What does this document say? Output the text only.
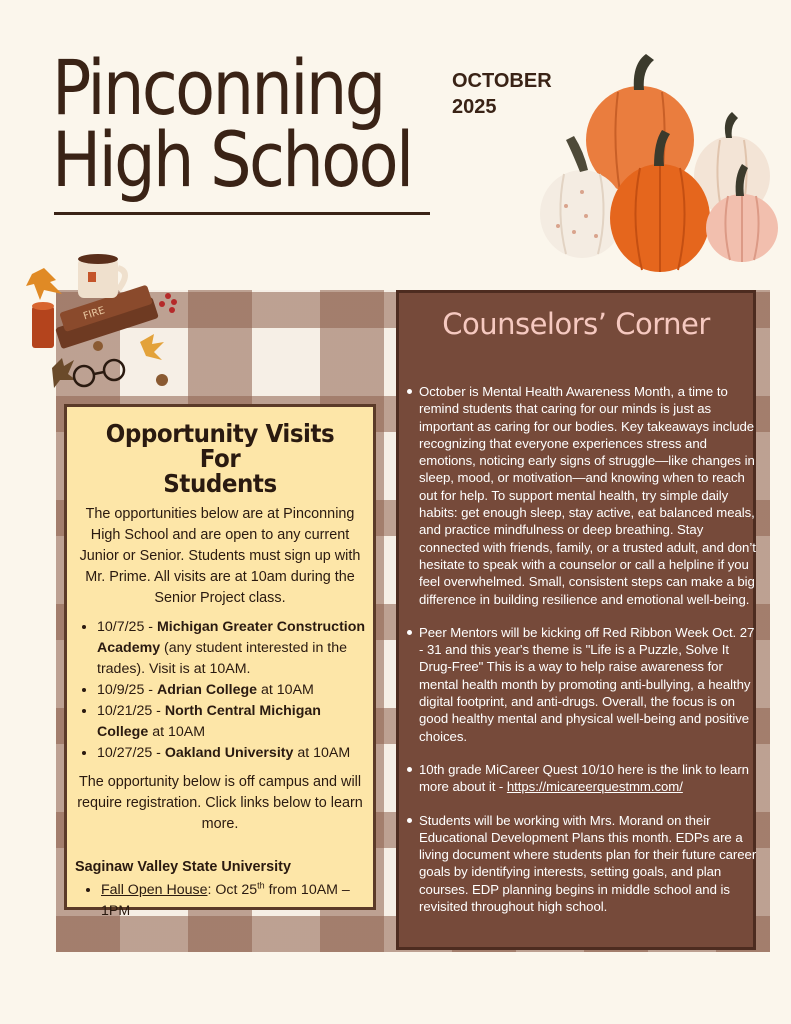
Pinconning
High School
OCTOBER
2025
FIRE
Opportunity Visits For
Students

The opportunities below are at Pinconning High School and are open to any current Junior or Senior. Students must sign up with Mr. Prime. All visits are at 10am during the Senior Project class.

• 10/7/25 - Michigan Greater Construction Academy (any student interested in the trades). Visit is at 10AM.
• 10/9/25 - Adrian College at 10AM
• 10/21/25 - North Central Michigan College at 10AM
• 10/27/25 - Oakland University at 10AM

The opportunity below is off campus and will require registration. Click links below to learn more.

Saginaw Valley State University
• Fall Open House: Oct 25th from 10AM – 1PM
Counselors’ Corner
October is Mental Health Awareness Month, a time to remind students that caring for our minds is just as important as caring for our bodies. Key takeaways include recognizing that everyone experiences stress and emotions, noticing early signs of struggle—like changes in sleep, mood, or motivation—and knowing when to reach out for help. To support mental health, try simple daily habits: get enough sleep, stay active, eat balanced meals, and practice mindfulness or deep breathing. Stay connected with friends, family, or a trusted adult, and don’t hesitate to speak with a counselor or call a helpline if you feel overwhelmed. Small, consistent steps can make a big difference in building resilience and emotional well-being.
Peer Mentors will be kicking off Red Ribbon Week Oct. 27 - 31 and this year's theme is "Life is a Puzzle, Solve It Drug-Free" This is a way to help raise awareness for mental health month by promoting anti-bullying, a healthy digital footprint, and anti-drugs. Overall, the focus is on good healthy mental and physical well-being and positive choices.
10th grade MiCareer Quest 10/10 here is the link to learn more about it - https://micareerquestmm.com/
Students will be working with Mrs. Morand on their Educational Development Plans this month. EDPs are a living document where students plan for their future career goals by identifying interests, setting goals, and plan courses. EDP planning begins in middle school and is revisited throughout high school.
